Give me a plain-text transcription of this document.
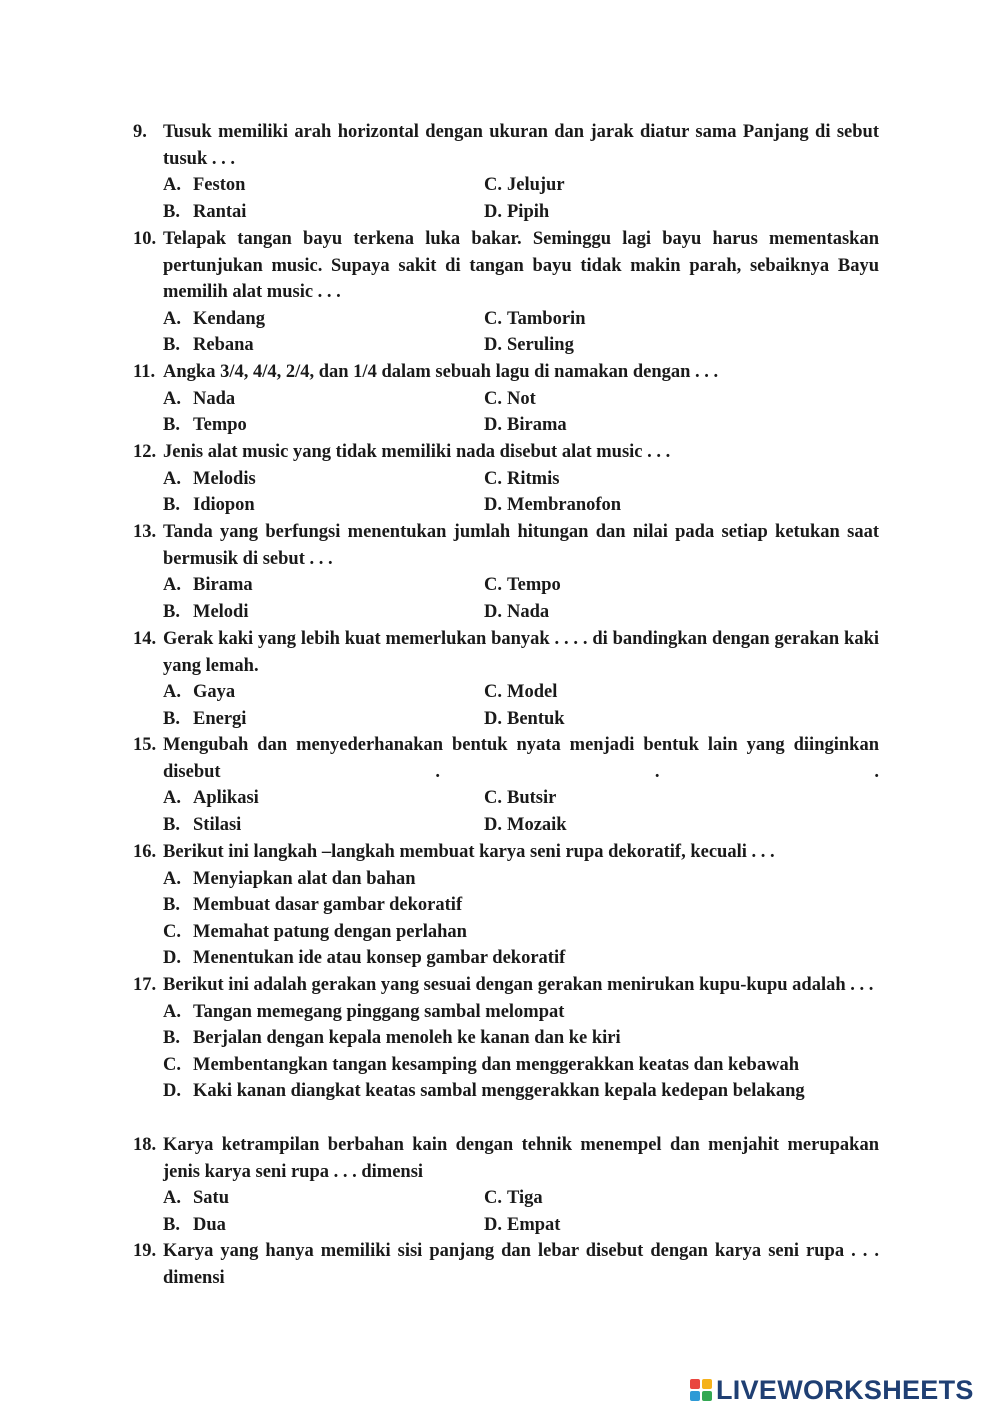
9. Tusuk memiliki arah horizontal dengan ukuran dan jarak diatur sama Panjang di sebut tusuk . . .
A. Feston	C. Jelujur
B. Rantai	D. Pipih
10. Telapak tangan bayu terkena luka bakar. Seminggu lagi bayu harus mementaskan pertunjukan music. Supaya sakit di tangan bayu tidak makin parah, sebaiknya Bayu memilih alat music . . .
A. Kendang	C. Tamborin
B. Rebana	D. Seruling
11. Angka 3/4, 4/4, 2/4, dan 1/4 dalam sebuah lagu di namakan dengan . . .
A. Nada	C. Not
B. Tempo	D. Birama
12. Jenis alat music yang tidak memiliki nada disebut alat music . . .
A. Melodis	C. Ritmis
B. Idiopon	D. Membranofon
13. Tanda yang berfungsi menentukan jumlah hitungan dan nilai pada setiap ketukan saat bermusik di sebut . . .
A. Birama	C. Tempo
B. Melodi	D. Nada
14. Gerak kaki yang lebih kuat memerlukan banyak . . . . di bandingkan dengan gerakan kaki yang lemah.
A. Gaya	C. Model
B. Energi	D. Bentuk
15. Mengubah dan menyederhanakan bentuk nyata menjadi bentuk lain yang diinginkan disebut . . .
A. Aplikasi	C. Butsir
B. Stilasi	D. Mozaik
16. Berikut ini langkah –langkah membuat karya seni rupa dekoratif, kecuali . . .
A. Menyiapkan alat dan bahan
B. Membuat dasar gambar dekoratif
C. Memahat patung dengan perlahan
D. Menentukan ide atau konsep gambar dekoratif
17. Berikut ini adalah gerakan yang sesuai dengan gerakan menirukan kupu-kupu adalah . . .
A. Tangan memegang pinggang sambal melompat
B. Berjalan dengan kepala menoleh ke kanan dan ke kiri
C. Membentangkan tangan kesamping dan menggerakkan keatas dan kebawah
D. Kaki kanan diangkat keatas sambal menggerakkan kepala kedepan belakang
18. Karya ketrampilan berbahan kain dengan tehnik menempel dan menjahit merupakan jenis karya seni rupa . . . dimensi
A. Satu	C. Tiga
B. Dua	D. Empat
19. Karya yang hanya memiliki sisi panjang dan lebar disebut dengan karya seni rupa . . . dimensi
LIVEWORKSHEETS
